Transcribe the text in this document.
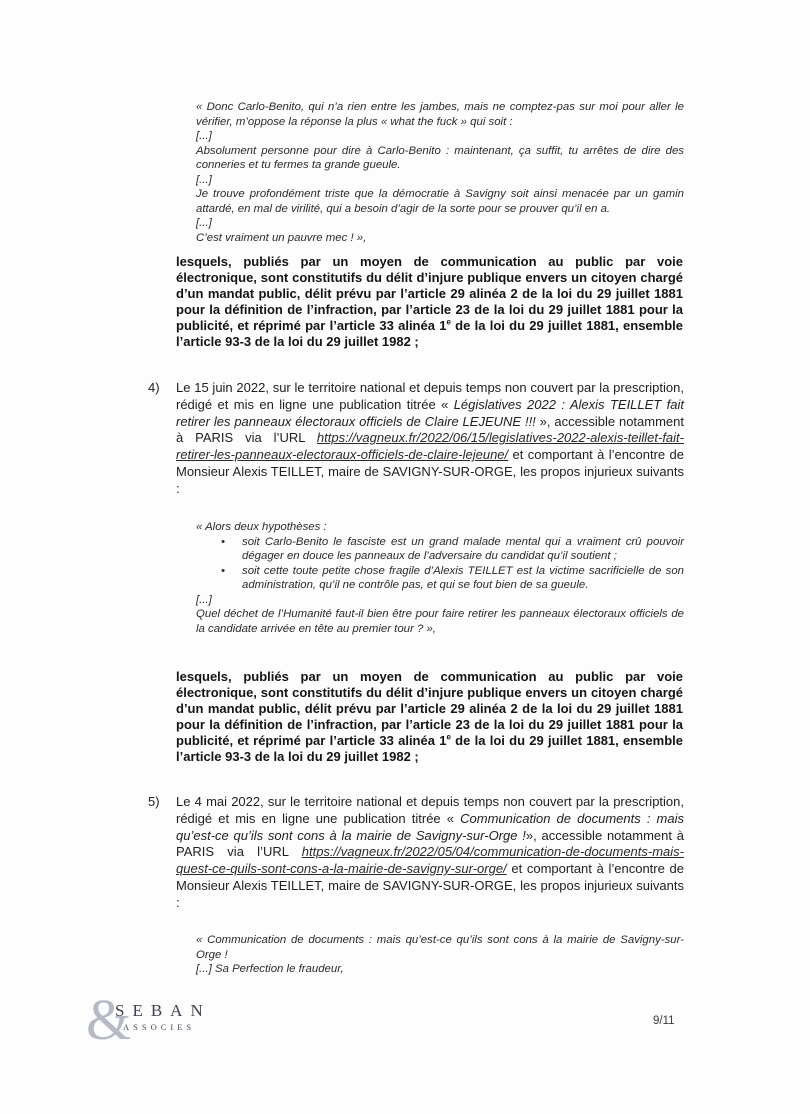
« Donc Carlo-Benito, qui n’a rien entre les jambes, mais ne comptez-pas sur moi pour aller le vérifier, m’oppose la réponse la plus « what the fuck » qui soit :
[...]
Absolument personne pour dire à Carlo-Benito : maintenant, ça suffit, tu arrêtes de dire des conneries et tu fermes ta grande gueule.
[...]
Je trouve profondément triste que la démocratie à Savigny soit ainsi menacée par un gamin attardé, en mal de virilité, qui a besoin d’agir de la sorte pour se prouver qu’il en a.
[...]
C’est vraiment un pauvre mec ! »,
lesquels, publiés par un moyen de communication au public par voie électronique, sont constitutifs du délit d’injure publique envers un citoyen chargé d’un mandat public, délit prévu par l’article 29 alinéa 2 de la loi du 29 juillet 1881 pour la définition de l’infraction, par l’article 23 de la loi du 29 juillet 1881 pour la publicité, et réprimé par l’article 33 alinéa 1e de la loi du 29 juillet 1881, ensemble l’article 93-3 de la loi du 29 juillet 1982 ;
4)	Le 15 juin 2022, sur le territoire national et depuis temps non couvert par la prescription, rédigé et mis en ligne une publication titrée « Législatives 2022 : Alexis TEILLET fait retirer les panneaux électoraux officiels de Claire LEJEUNE !!! », accessible notamment à PARIS via l’URL https://vagneux.fr/2022/06/15/legislatives-2022-alexis-teillet-fait-retirer-les-panneaux-electoraux-officiels-de-claire-lejeune/ et comportant à l’encontre de Monsieur Alexis TEILLET, maire de SAVIGNY-SUR-ORGE, les propos injurieux suivants :
« Alors deux hypothèses :
•	soit Carlo-Benito le fasciste est un grand malade mental qui a vraiment crû pouvoir dégager en douce les panneaux de l’adversaire du candidat qu’il soutient ;
•	soit cette toute petite chose fragile d’Alexis TEILLET est la victime sacrificielle de son administration, qu’il ne contrôle pas, et qui se fout bien de sa gueule.
[...]
Quel déchet de l’Humanité faut-il bien être pour faire retirer les panneaux électoraux officiels de la candidate arrivée en tête au premier tour ? »,
lesquels, publiés par un moyen de communication au public par voie électronique, sont constitutifs du délit d’injure publique envers un citoyen chargé d’un mandat public, délit prévu par l’article 29 alinéa 2 de la loi du 29 juillet 1881 pour la définition de l’infraction, par l’article 23 de la loi du 29 juillet 1881 pour la publicité, et réprimé par l’article 33 alinéa 1e de la loi du 29 juillet 1881, ensemble l’article 93-3 de la loi du 29 juillet 1982 ;
5)	Le 4 mai 2022, sur le territoire national et depuis temps non couvert par la prescription, rédigé et mis en ligne une publication titrée « Communication de documents : mais qu’est-ce qu’ils sont cons à la mairie de Savigny-sur-Orge !», accessible notamment à PARIS via l’URL https://vagneux.fr/2022/05/04/communication-de-documents-mais-quest-ce-quils-sont-cons-a-la-mairie-de-savigny-sur-orge/ et comportant à l’encontre de Monsieur Alexis TEILLET, maire de SAVIGNY-SUR-ORGE, les propos injurieux suivants :
« Communication de documents : mais qu’est-ce qu’ils sont cons à la mairie de Savigny-sur-Orge !
[...] Sa Perfection le fraudeur,
&
SEBAN
ASSOCIES	9/11
